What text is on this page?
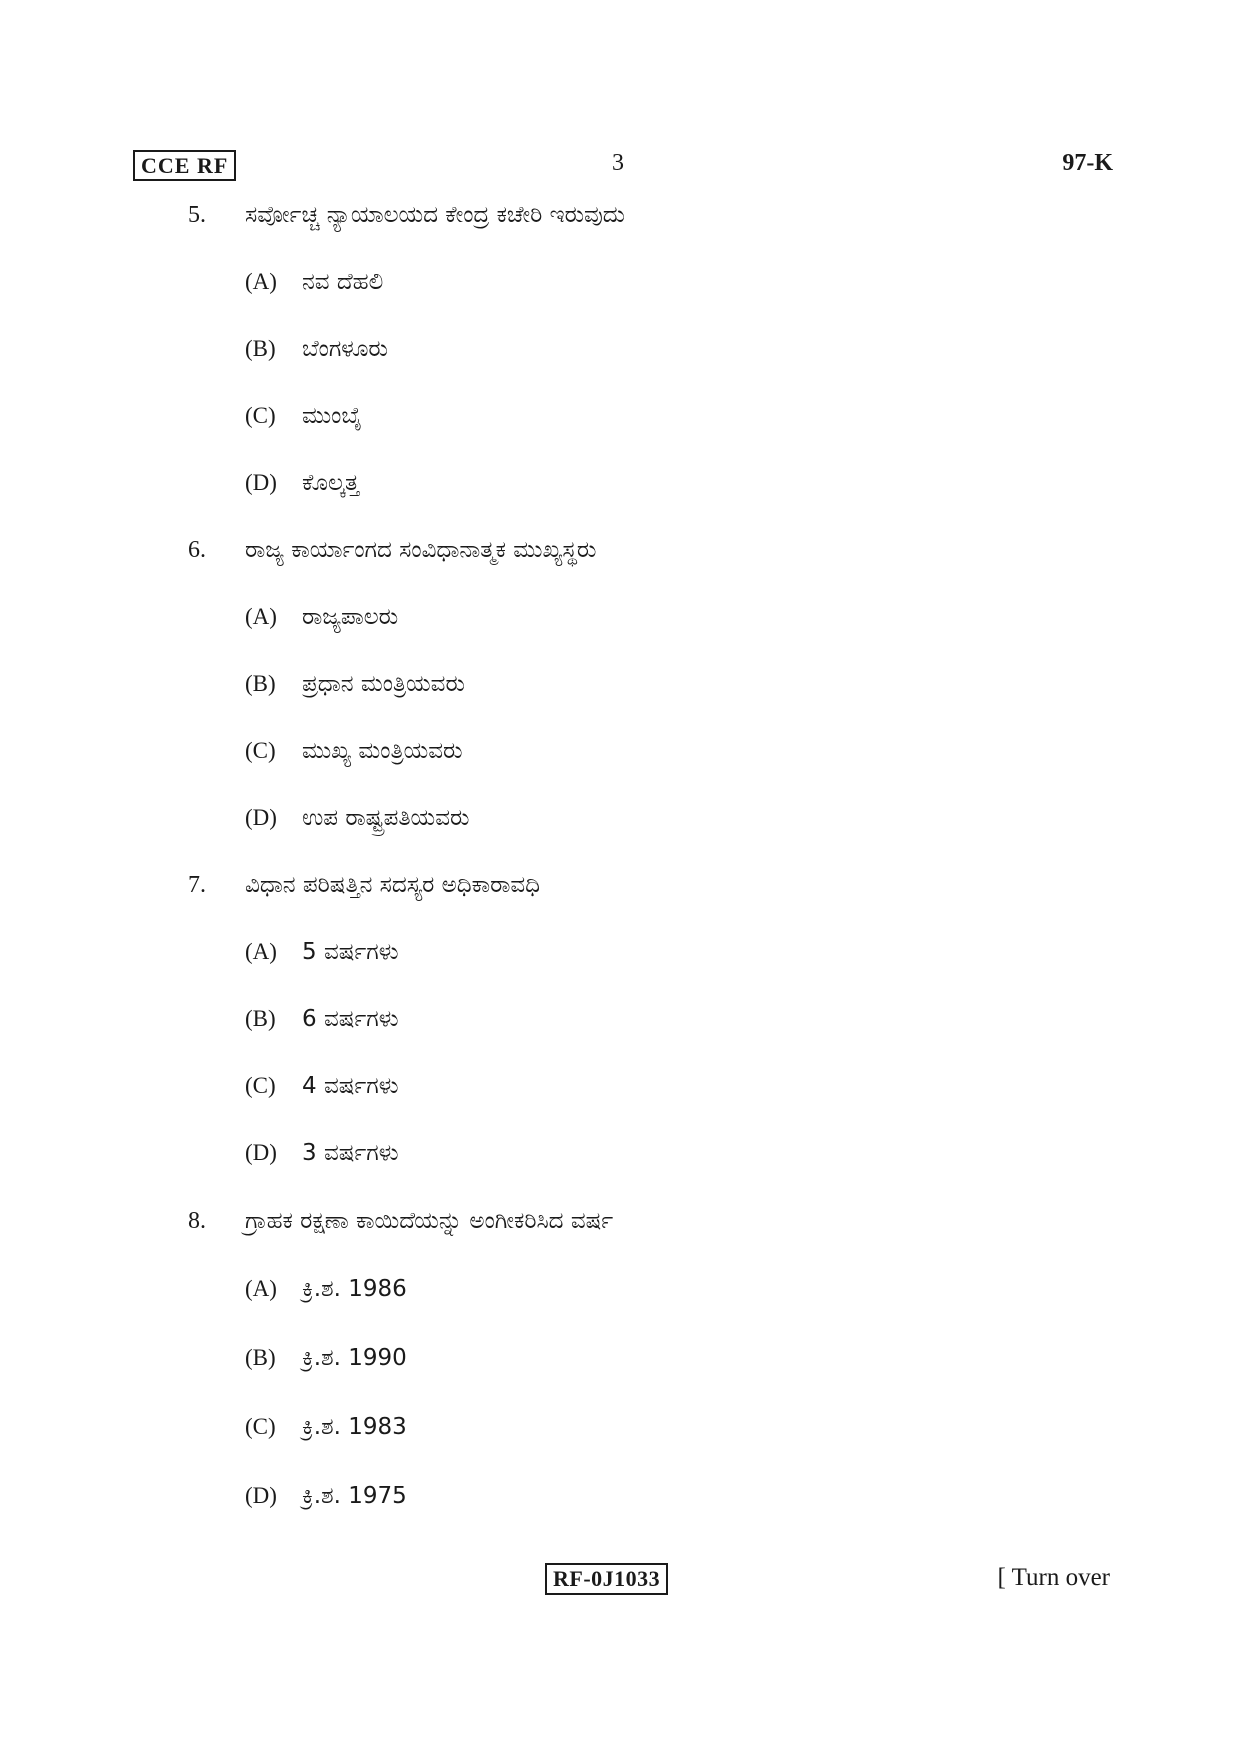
CCE RF	3	97-K
5.	ಸರ್ವೋಚ್ಚ ನ್ಯಾಯಾಲಯದ ಕೇಂದ್ರ ಕಚೇರಿ ಇರುವುದು
(A) ನವ ದೆಹಲಿ
(B) ಬೆಂಗಳೂರು
(C) ಮುಂಬೈ
(D) ಕೊಲ್ಕತ್ತ
6.	ರಾಜ್ಯ ಕಾರ್ಯಾಂಗದ ಸಂವಿಧಾನಾತ್ಮಕ ಮುಖ್ಯಸ್ಥರು
(A) ರಾಜ್ಯಪಾಲರು
(B) ಪ್ರಧಾನ ಮಂತ್ರಿಯವರು
(C) ಮುಖ್ಯ ಮಂತ್ರಿಯವರು
(D) ಉಪ ರಾಷ್ಟ್ರಪತಿಯವರು
7.	ವಿಧಾನ ಪರಿಷತ್ತಿನ ಸದಸ್ಯರ ಅಧಿಕಾರಾವಧಿ
(A) 5 ವರ್ಷಗಳು
(B) 6 ವರ್ಷಗಳು
(C) 4 ವರ್ಷಗಳು
(D) 3 ವರ್ಷಗಳು
8.	ಗ್ರಾಹಕ ರಕ್ಷಣಾ ಕಾಯಿದೆಯನ್ನು ಅಂಗೀಕರಿಸಿದ ವರ್ಷ
(A) ಕ್ರಿ.ಶ. 1986
(B) ಕ್ರಿ.ಶ. 1990
(C) ಕ್ರಿ.ಶ. 1983
(D) ಕ್ರಿ.ಶ. 1975
RF-0J1033	[ Turn over
